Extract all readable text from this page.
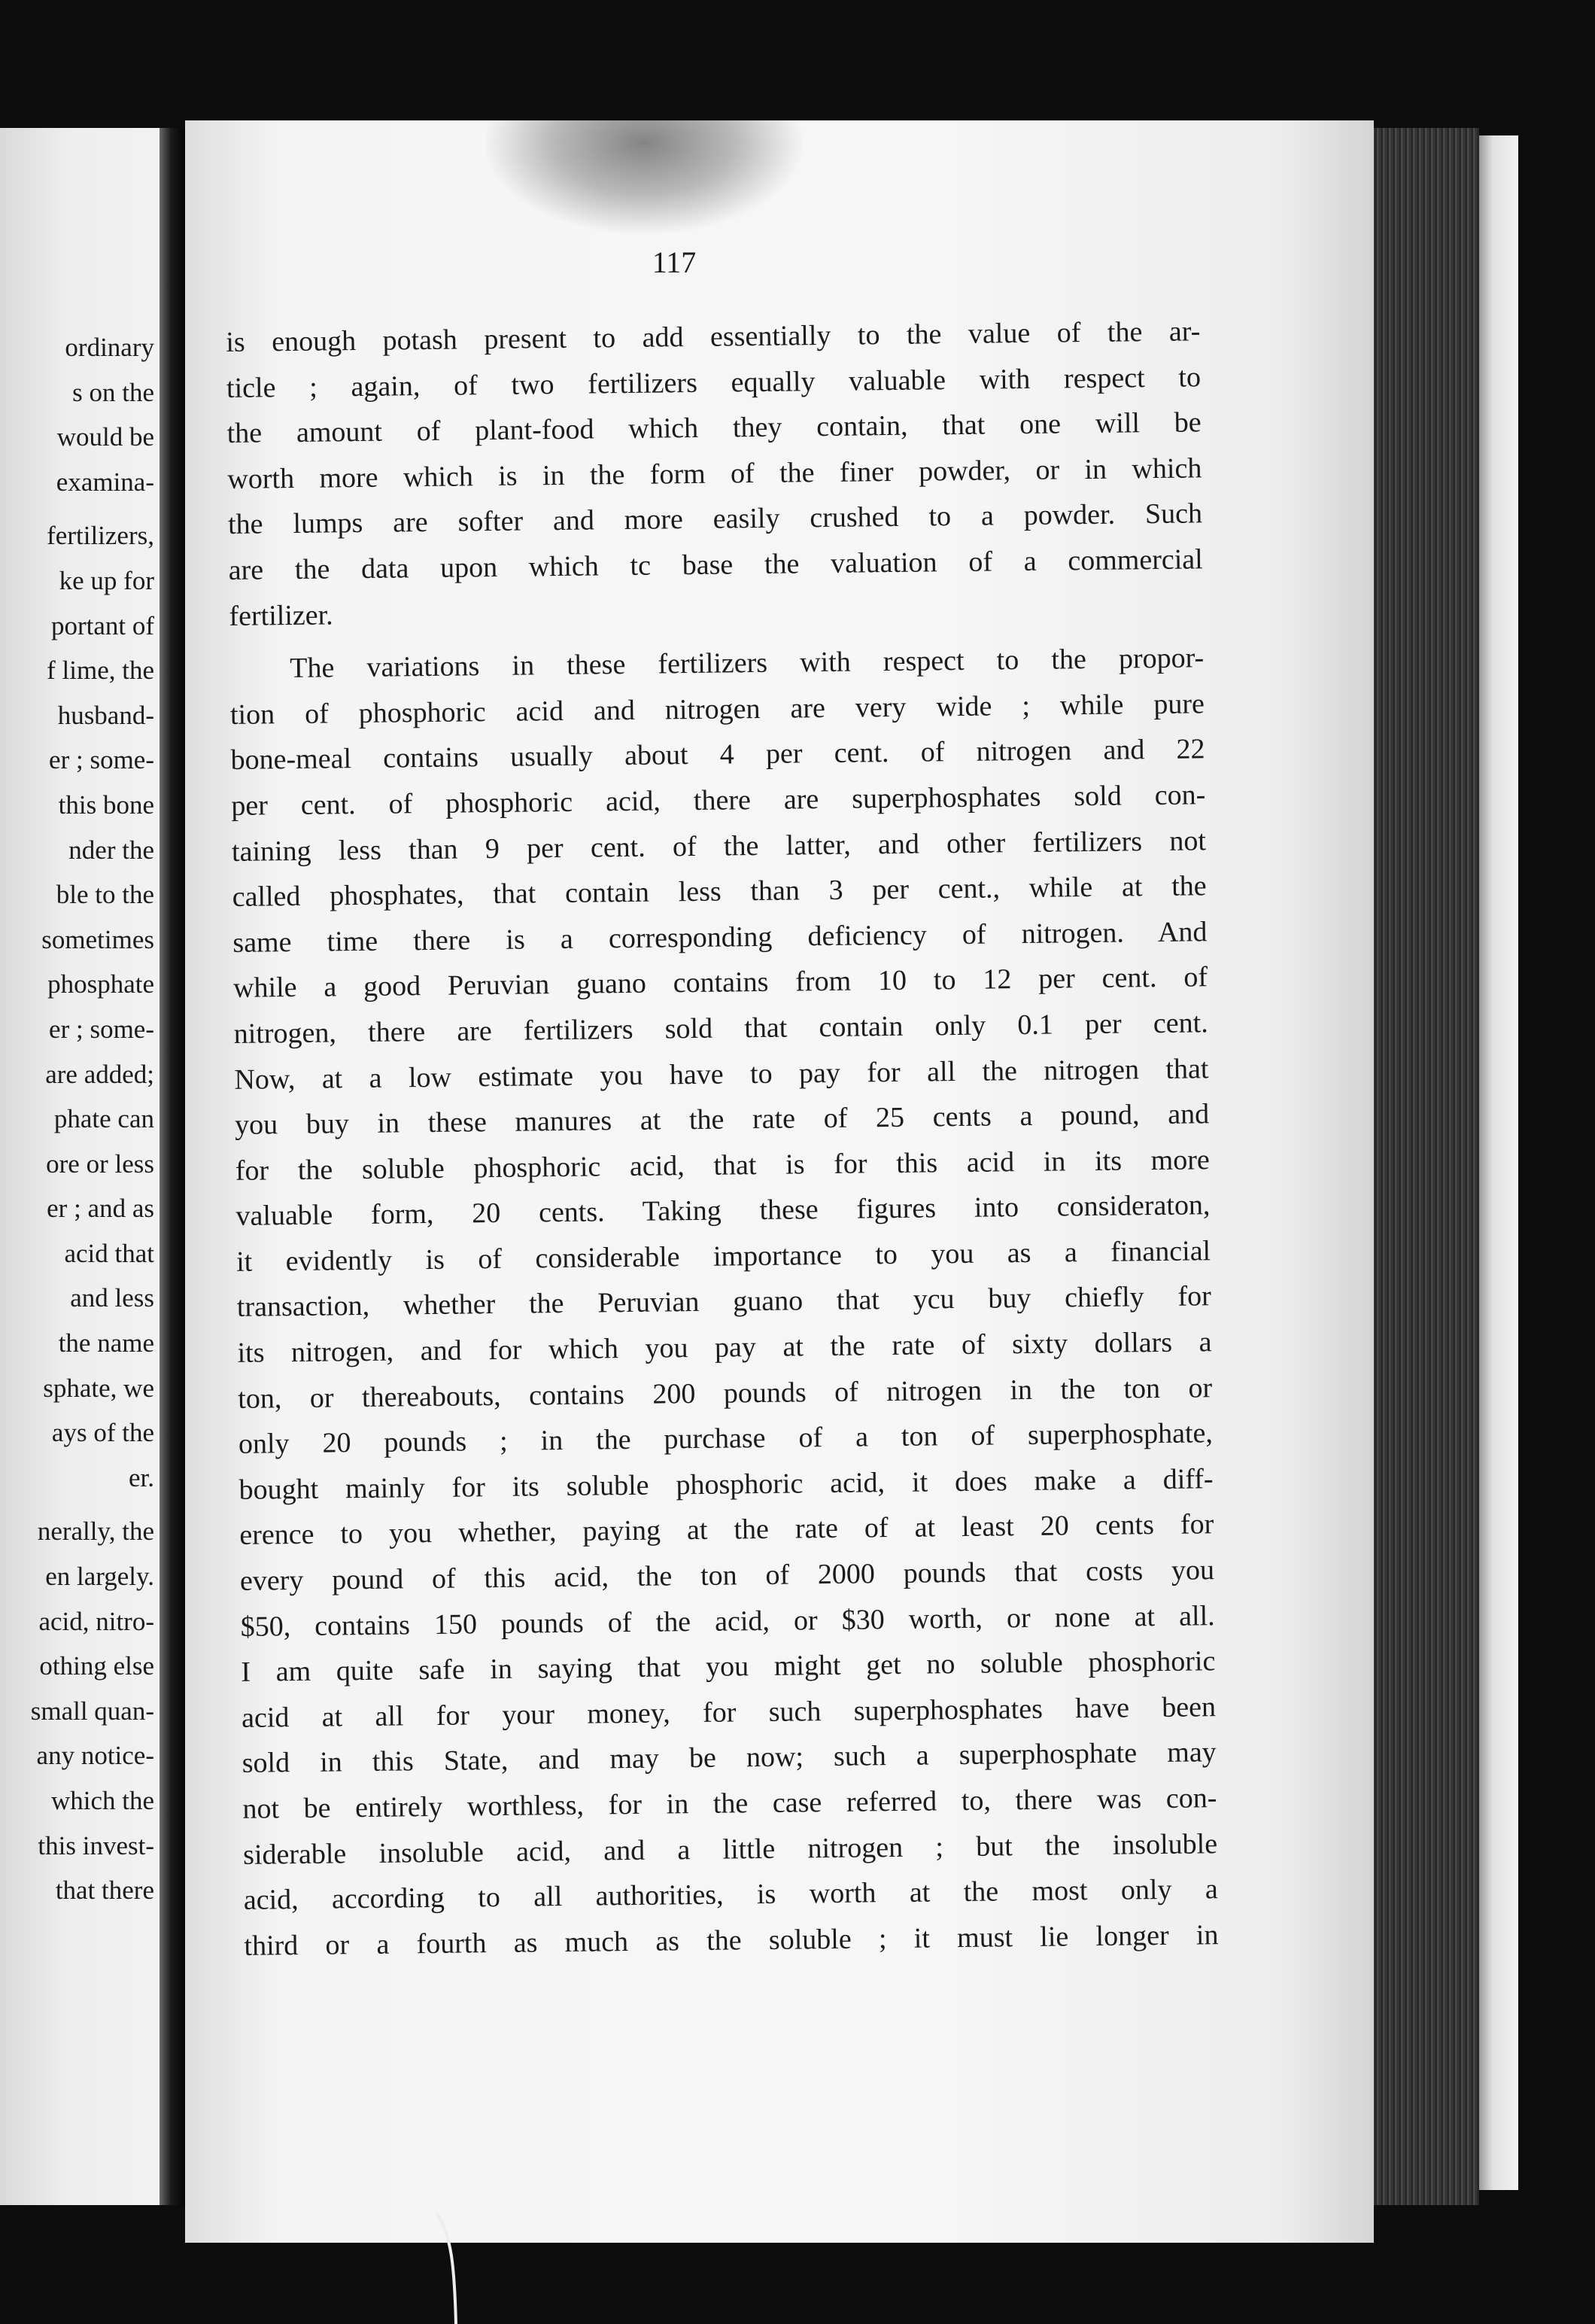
ordinary
s on the
would be
examina-
fertilizers,
ke up for
portant of
f lime, the
husband-
er ; some-
this bone
nder the
ble to the
sometimes
phosphate
er ; some-
are added;
phate can
ore or less
er ; and as
acid that
and less
the name
sphate, we
ays of the
er.
nerally, the
en largely.
acid, nitro-
othing else
small quan-
any notice-
which the
this invest-
that there
117
is enough potash present to add essentially to the value of the ar-
ticle ; again, of two fertilizers equally valuable with respect to
the amount of plant-food which they contain, that one will be
worth more which is in the form of the finer powder, or in which
the lumps are softer and more easily crushed to a powder. Such
are the data upon which tc base the valuation of a commercial
fertilizer.
The variations in these fertilizers with respect to the propor-
tion of phosphoric acid and nitrogen are very wide ; while pure
bone-meal contains usually about 4 per cent. of nitrogen and 22
per cent. of phosphoric acid, there are superphosphates sold con-
taining less than 9 per cent. of the latter, and other fertilizers not
called phosphates, that contain less than 3 per cent., while at the
same time there is a corresponding deficiency of nitrogen. And
while a good Peruvian guano contains from 10 to 12 per cent. of
nitrogen, there are fertilizers sold that contain only 0.1 per cent.
Now, at a low estimate you have to pay for all the nitrogen that
you buy in these manures at the rate of 25 cents a pound, and
for the soluble phosphoric acid, that is for this acid in its more
valuable form, 20 cents. Taking these figures into consideraton,
it evidently is of considerable importance to you as a financial
transaction, whether the Peruvian guano that ycu buy chiefly for
its nitrogen, and for which you pay at the rate of sixty dollars a
ton, or thereabouts, contains 200 pounds of nitrogen in the ton or
only 20 pounds ; in the purchase of a ton of superphosphate,
bought mainly for its soluble phosphoric acid, it does make a diff-
erence to you whether, paying at the rate of at least 20 cents for
every pound of this acid, the ton of 2000 pounds that costs you
$50, contains 150 pounds of the acid, or $30 worth, or none at all.
I am quite safe in saying that you might get no soluble phosphoric
acid at all for your money, for such superphosphates have been
sold in this State, and may be now; such a superphosphate may
not be entirely worthless, for in the case referred to, there was con-
siderable insoluble acid, and a little nitrogen ; but the insoluble
acid, according to all authorities, is worth at the most only a
third or a fourth as much as the soluble ; it must lie longer in
